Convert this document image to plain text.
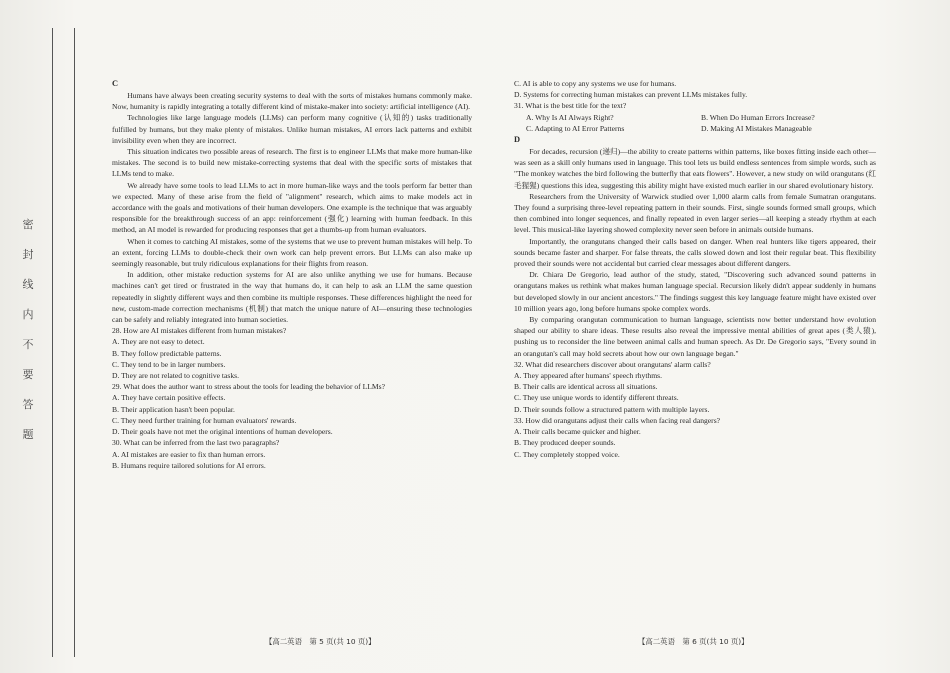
密
封
线
内
不
要
答
题

C

Humans have always been creating security systems to deal with the sorts of mistakes humans commonly make. Now, humanity is rapidly integrating a totally different kind of mistake-maker into society: artificial intelligence (AI).

Technologies like large language models (LLMs) can perform many cognitive (认知的) tasks traditionally fulfilled by humans, but they make plenty of mistakes. Unlike human mistakes, AI errors lack patterns and exhibit invisibility even when they are incorrect.

This situation indicates two possible areas of research. The first is to engineer LLMs that make more human-like mistakes. The second is to build new mistake-correcting systems that deal with the specific sorts of mistakes that LLMs tend to make.

We already have some tools to lead LLMs to act in more human-like ways and the tools perform far better than we expected. Many of these arise from the field of "alignment" research, which aims to make models act in accordance with the goals and motivations of their human developers. One example is the technique that was arguably responsible for the breakthrough success of an app: reinforcement (强化) learning with human feedback. In this method, an AI model is rewarded for producing responses that get a thumbs-up from human evaluators.

When it comes to catching AI mistakes, some of the systems that we use to prevent human mistakes will help. To an extent, forcing LLMs to double-check their own work can help prevent errors. But LLMs can also make up seemingly reasonable, but truly ridiculous explanations for their flights from reason.

In addition, other mistake reduction systems for AI are also unlike anything we use for humans. Because machines can't get tired or frustrated in the way that humans do, it can help to ask an LLM the same question repeatedly in slightly different ways and then combine its multiple responses. These differences highlight the need for new, custom-made correction mechanisms (机制) that match the unique nature of AI—ensuring these technologies can be safely and reliably integrated into human societies.

28. How are AI mistakes different from human mistakes?

A. They are not easy to detect.

B. They follow predictable patterns.

C. They tend to be in larger numbers.

D. They are not related to cognitive tasks.

29. What does the author want to stress about the tools for leading the behavior of LLMs?

A. They have certain positive effects.

B. Their application hasn't been popular.

C. They need further training for human evaluators' rewards.

D. Their goals have not met the original intentions of human developers.

30. What can be inferred from the last two paragraphs?

A. AI mistakes are easier to fix than human errors.

B. Humans require tailored solutions for AI errors.

C. AI is able to copy any systems we use for humans.

D. Systems for correcting human mistakes can prevent LLMs mistakes fully.

31. What is the best title for the text?

A. Why Is AI Always Right?	B. When Do Human Errors Increase?
C. Adapting to AI Error Patterns	D. Making AI Mistakes Manageable

D

For decades, recursion (递归)—the ability to create patterns within patterns, like boxes fitting inside each other—was seen as a skill only humans used in language. This tool lets us build endless sentences from simple words, such as "The monkey watches the bird following the butterfly that eats flowers". However, a new study on wild orangutans (红毛猩猩) questions this idea, suggesting this ability might have existed much earlier in our shared evolutionary history.

Researchers from the University of Warwick studied over 1,000 alarm calls from female Sumatran orangutans. They found a surprising three-level repeating pattern in their sounds. First, single sounds formed small groups, which then combined into longer sequences, and finally repeated in even larger series—all keeping a steady rhythm at each level. This musical-like layering showed complexity never seen before in animals outside humans.

Importantly, the orangutans changed their calls based on danger. When real hunters like tigers appeared, their sounds became faster and sharper. For false threats, the calls slowed down and lost their regular beat. This flexibility proved their sounds were not accidental but carried clear messages about different dangers.

Dr. Chiara De Gregorio, lead author of the study, stated, "Discovering such advanced sound patterns in orangutans makes us rethink what makes human language special. Recursion likely didn't appear suddenly in humans but developed slowly in our ancient ancestors." The findings suggest this key language feature might have existed over 10 million years ago, long before humans spoke complex words.

By comparing orangutan communication to human language, scientists now better understand how evolution shaped our ability to share ideas. These results also reveal the impressive mental abilities of great apes (类人猿), pushing us to reconsider the line between animal calls and human speech. As Dr. De Gregorio says, "Every sound in an orangutan's call may hold secrets about how our own language began."

32. What did researchers discover about orangutans' alarm calls?

A. They appeared after humans' speech rhythms.

B. Their calls are identical across all situations.

C. They use unique words to identify different threats.

D. Their sounds follow a structured pattern with multiple layers.

33. How did orangutans adjust their calls when facing real dangers?

A. Their calls became quicker and higher.

B. They produced deeper sounds.

C. They completely stopped voice.

【高二英语　第 5 页(共 10 页)】	【高二英语　第 6 页(共 10 页)】
